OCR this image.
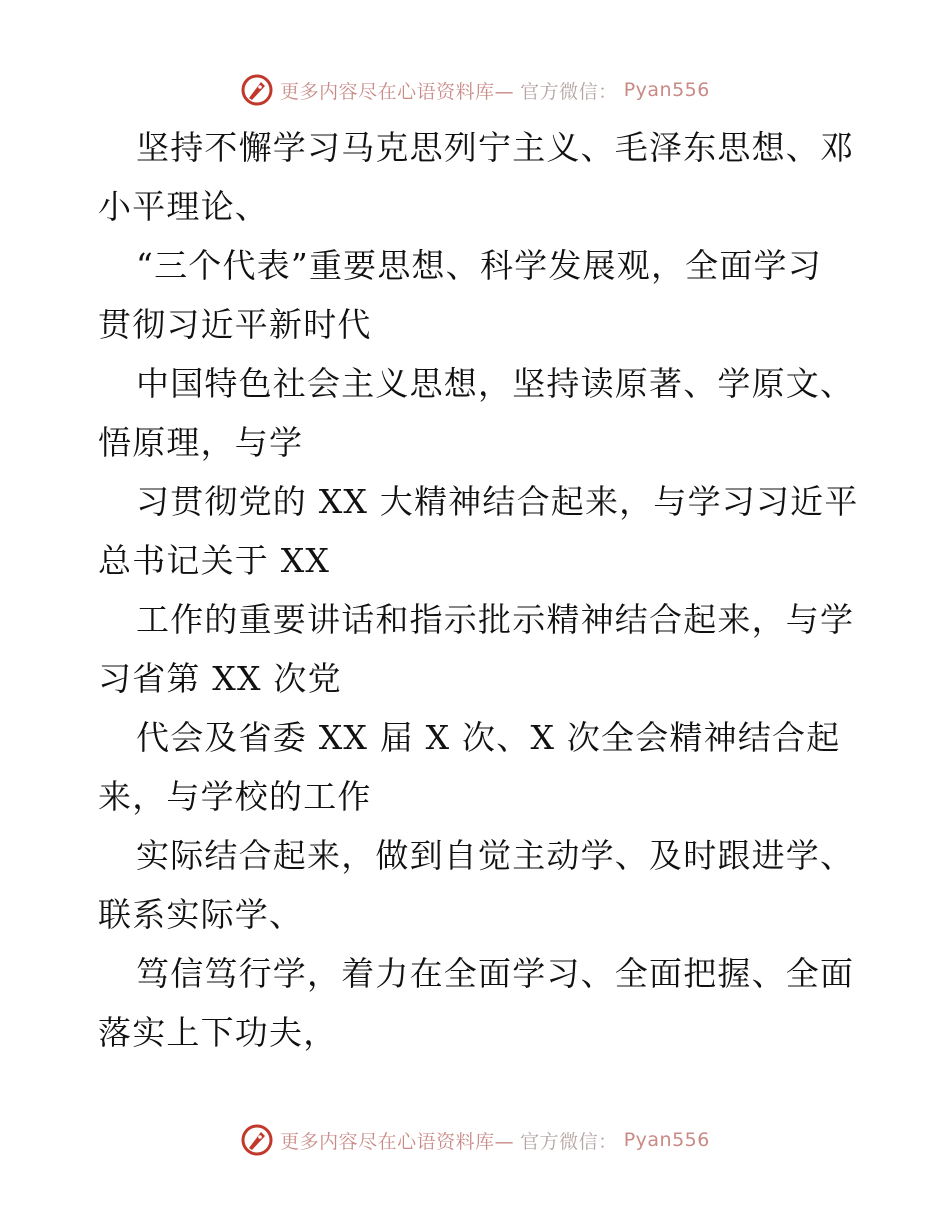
更多内容尽在心语资料库— 官方微信： Pyan556
坚持不懈学习马克思列宁主义、毛泽东思想、邓
小平理论、
“三个代表”重要思想、科学发展观，全面学习
贯彻习近平新时代
中国特色社会主义思想，坚持读原著、学原文、
悟原理，与学
习贯彻党的 XX 大精神结合起来，与学习习近平
总书记关于 XX
工作的重要讲话和指示批示精神结合起来，与学
习省第 XX 次党
代会及省委 XX 届 X 次、X 次全会精神结合起
来，与学校的工作
实际结合起来，做到自觉主动学、及时跟进学、
联系实际学、
笃信笃行学，着力在全面学习、全面把握、全面
落实上下功夫，
更多内容尽在心语资料库— 官方微信： Pyan556
